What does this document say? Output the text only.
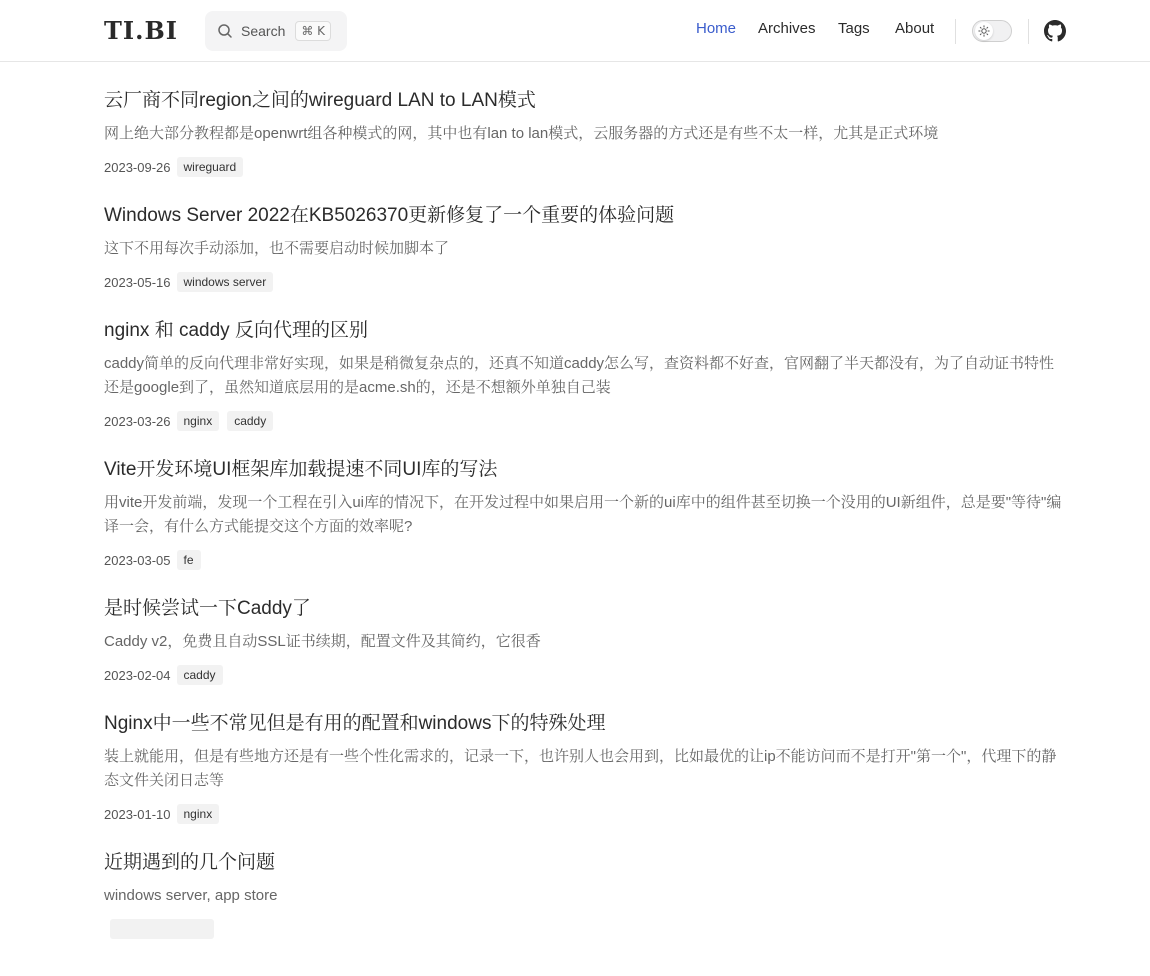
TI.BI	Search	⌘ K	Home Archives Tags About
云厂商不同region之间的wireguard LAN to LAN模式
网上绝大部分教程都是openwrt组各种模式的网，其中也有lan to lan模式，云服务器的方式还是有些不太一样，尤其是正式环境
2023-09-26	wireguard
Windows Server 2022在KB5026370更新修复了一个重要的体验问题
这下不用每次手动添加，也不需要启动时候加脚本了
2023-05-16	windows server
nginx 和 caddy 反向代理的区别
caddy简单的反向代理非常好实现，如果是稍微复杂点的，还真不知道caddy怎么写，查资料都不好查，官网翻了半天都没有，为了自动证书特性还是google到了，虽然知道底层用的是acme.sh的，还是不想额外单独自己装
2023-03-26	nginx	caddy
Vite开发环境UI框架库加载提速不同UI库的写法
用vite开发前端，发现一个工程在引入ui库的情况下，在开发过程中如果启用一个新的ui库中的组件甚至切换一个没用的UI新组件，总是要"等待"编译一会，有什么方式能提交这个方面的效率呢?
2023-03-05	fe
是时候尝试一下Caddy了
Caddy v2，免费且自动SSL证书续期，配置文件及其简约，它很香
2023-02-04	caddy
Nginx中一些不常见但是有用的配置和windows下的特殊处理
装上就能用，但是有些地方还是有一些个性化需求的，记录一下，也许别人也会用到，比如最优的让ip不能访问而不是打开"第一个"，代理下的静态文件关闭日志等
2023-01-10	nginx
近期遇到的几个问题
windows server, app store
